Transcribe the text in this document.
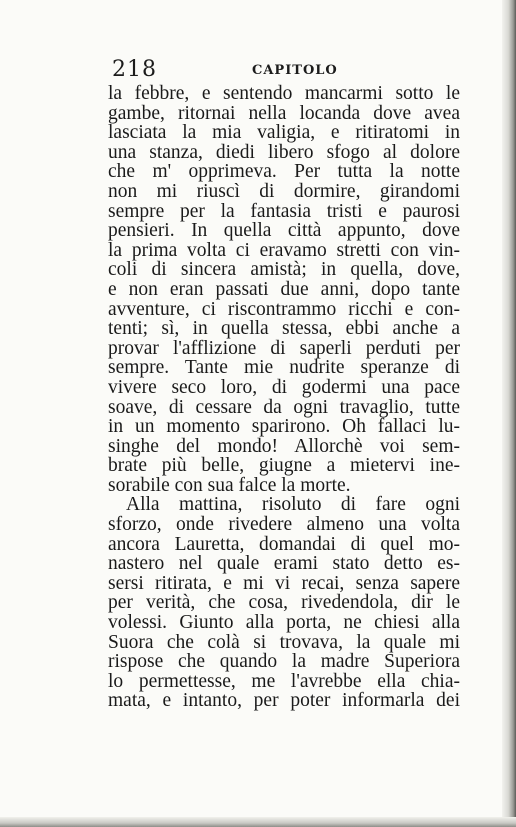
218	CAPITOLO
la febbre, e sentendo mancarmi sotto le
gambe, ritornai nella locanda dove avea
lasciata la mia valigia, e ritiratomi in
una stanza, diedi libero sfogo al dolore
che m' opprimeva. Per tutta la notte
non mi riuscì di dormire, girandomi
sempre per la fantasia tristi e paurosi
pensieri. In quella città appunto, dove
la prima volta ci eravamo stretti con vin-
coli di sincera amistà; in quella, dove,
e non eran passati due anni, dopo tante
avventure, ci riscontrammo ricchi e con-
tenti; sì, in quella stessa, ebbi anche a
provar l'afflizione di saperli perduti per
sempre. Tante mie nudrite speranze di
vivere seco loro, di godermi una pace
soave, di cessare da ogni travaglio, tutte
in un momento sparirono. Oh fallaci lu-
singhe del mondo! Allorchè voi sem-
brate più belle, giugne a mietervi ine-
sorabile con sua falce la morte.
Alla mattina, risoluto di fare ogni
sforzo, onde rivedere almeno una volta
ancora Lauretta, domandai di quel mo-
nastero nel quale erami stato detto es-
sersi ritirata, e mi vi recai, senza sapere
per verità, che cosa, rivedendola, dir le
volessi. Giunto alla porta, ne chiesi alla
Suora che colà si trovava, la quale mi
rispose che quando la madre Superiora
lo permettesse, me l'avrebbe ella chia-
mata, e intanto, per poter informarla dei
